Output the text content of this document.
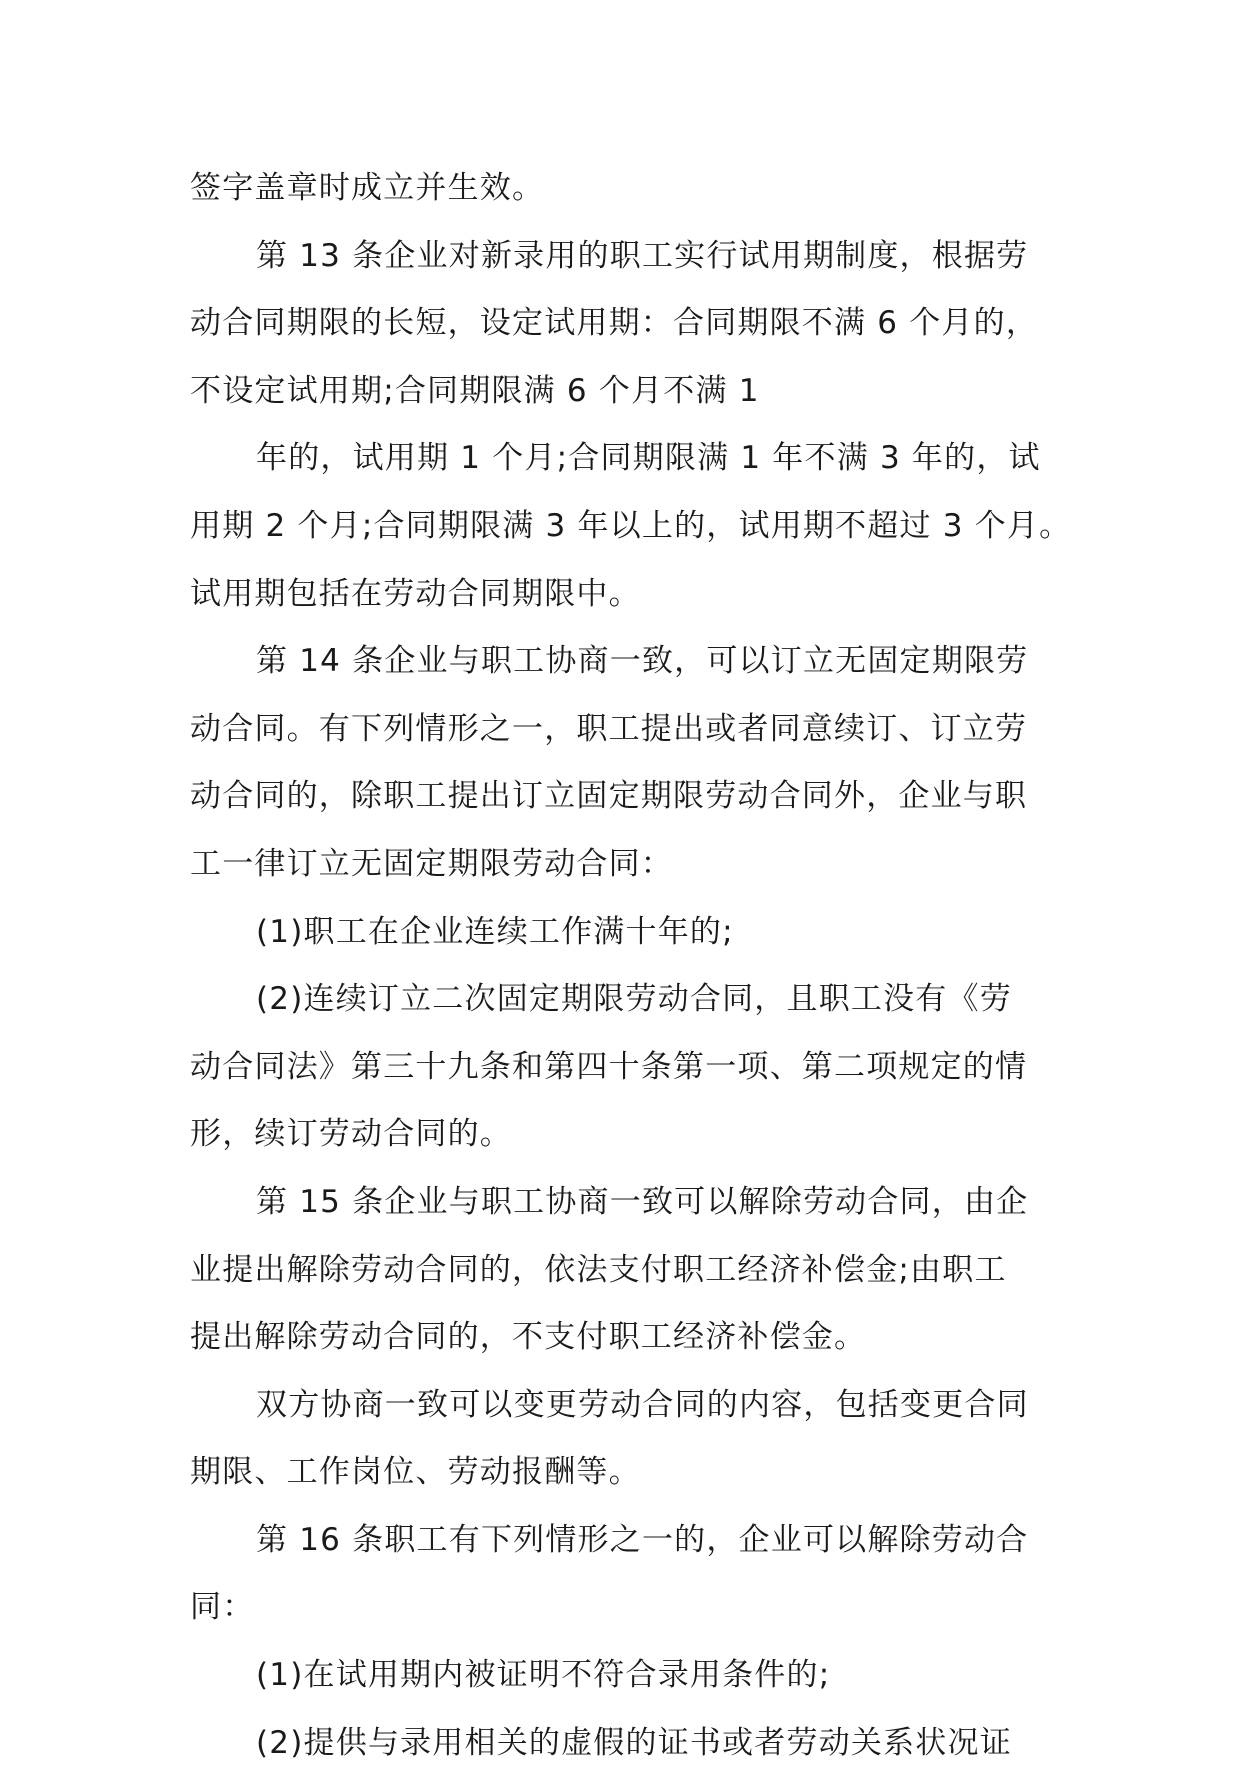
签字盖章时成立并生效。
第 13 条企业对新录用的职工实行试用期制度，根据劳
动合同期限的长短，设定试用期：合同期限不满 6 个月的，
不设定试用期;合同期限满 6 个月不满 1
年的，试用期 1 个月;合同期限满 1 年不满 3 年的，试
用期 2 个月;合同期限满 3 年以上的，试用期不超过 3 个月。
试用期包括在劳动合同期限中。
第 14 条企业与职工协商一致，可以订立无固定期限劳
动合同。有下列情形之一，职工提出或者同意续订、订立劳
动合同的，除职工提出订立固定期限劳动合同外，企业与职
工一律订立无固定期限劳动合同：
(1)职工在企业连续工作满十年的;
(2)连续订立二次固定期限劳动合同，且职工没有《劳
动合同法》第三十九条和第四十条第一项、第二项规定的情
形，续订劳动合同的。
第 15 条企业与职工协商一致可以解除劳动合同，由企
业提出解除劳动合同的，依法支付职工经济补偿金;由职工
提出解除劳动合同的，不支付职工经济补偿金。
双方协商一致可以变更劳动合同的内容，包括变更合同
期限、工作岗位、劳动报酬等。
第 16 条职工有下列情形之一的，企业可以解除劳动合
同：
(1)在试用期内被证明不符合录用条件的;
(2)提供与录用相关的虚假的证书或者劳动关系状况证
